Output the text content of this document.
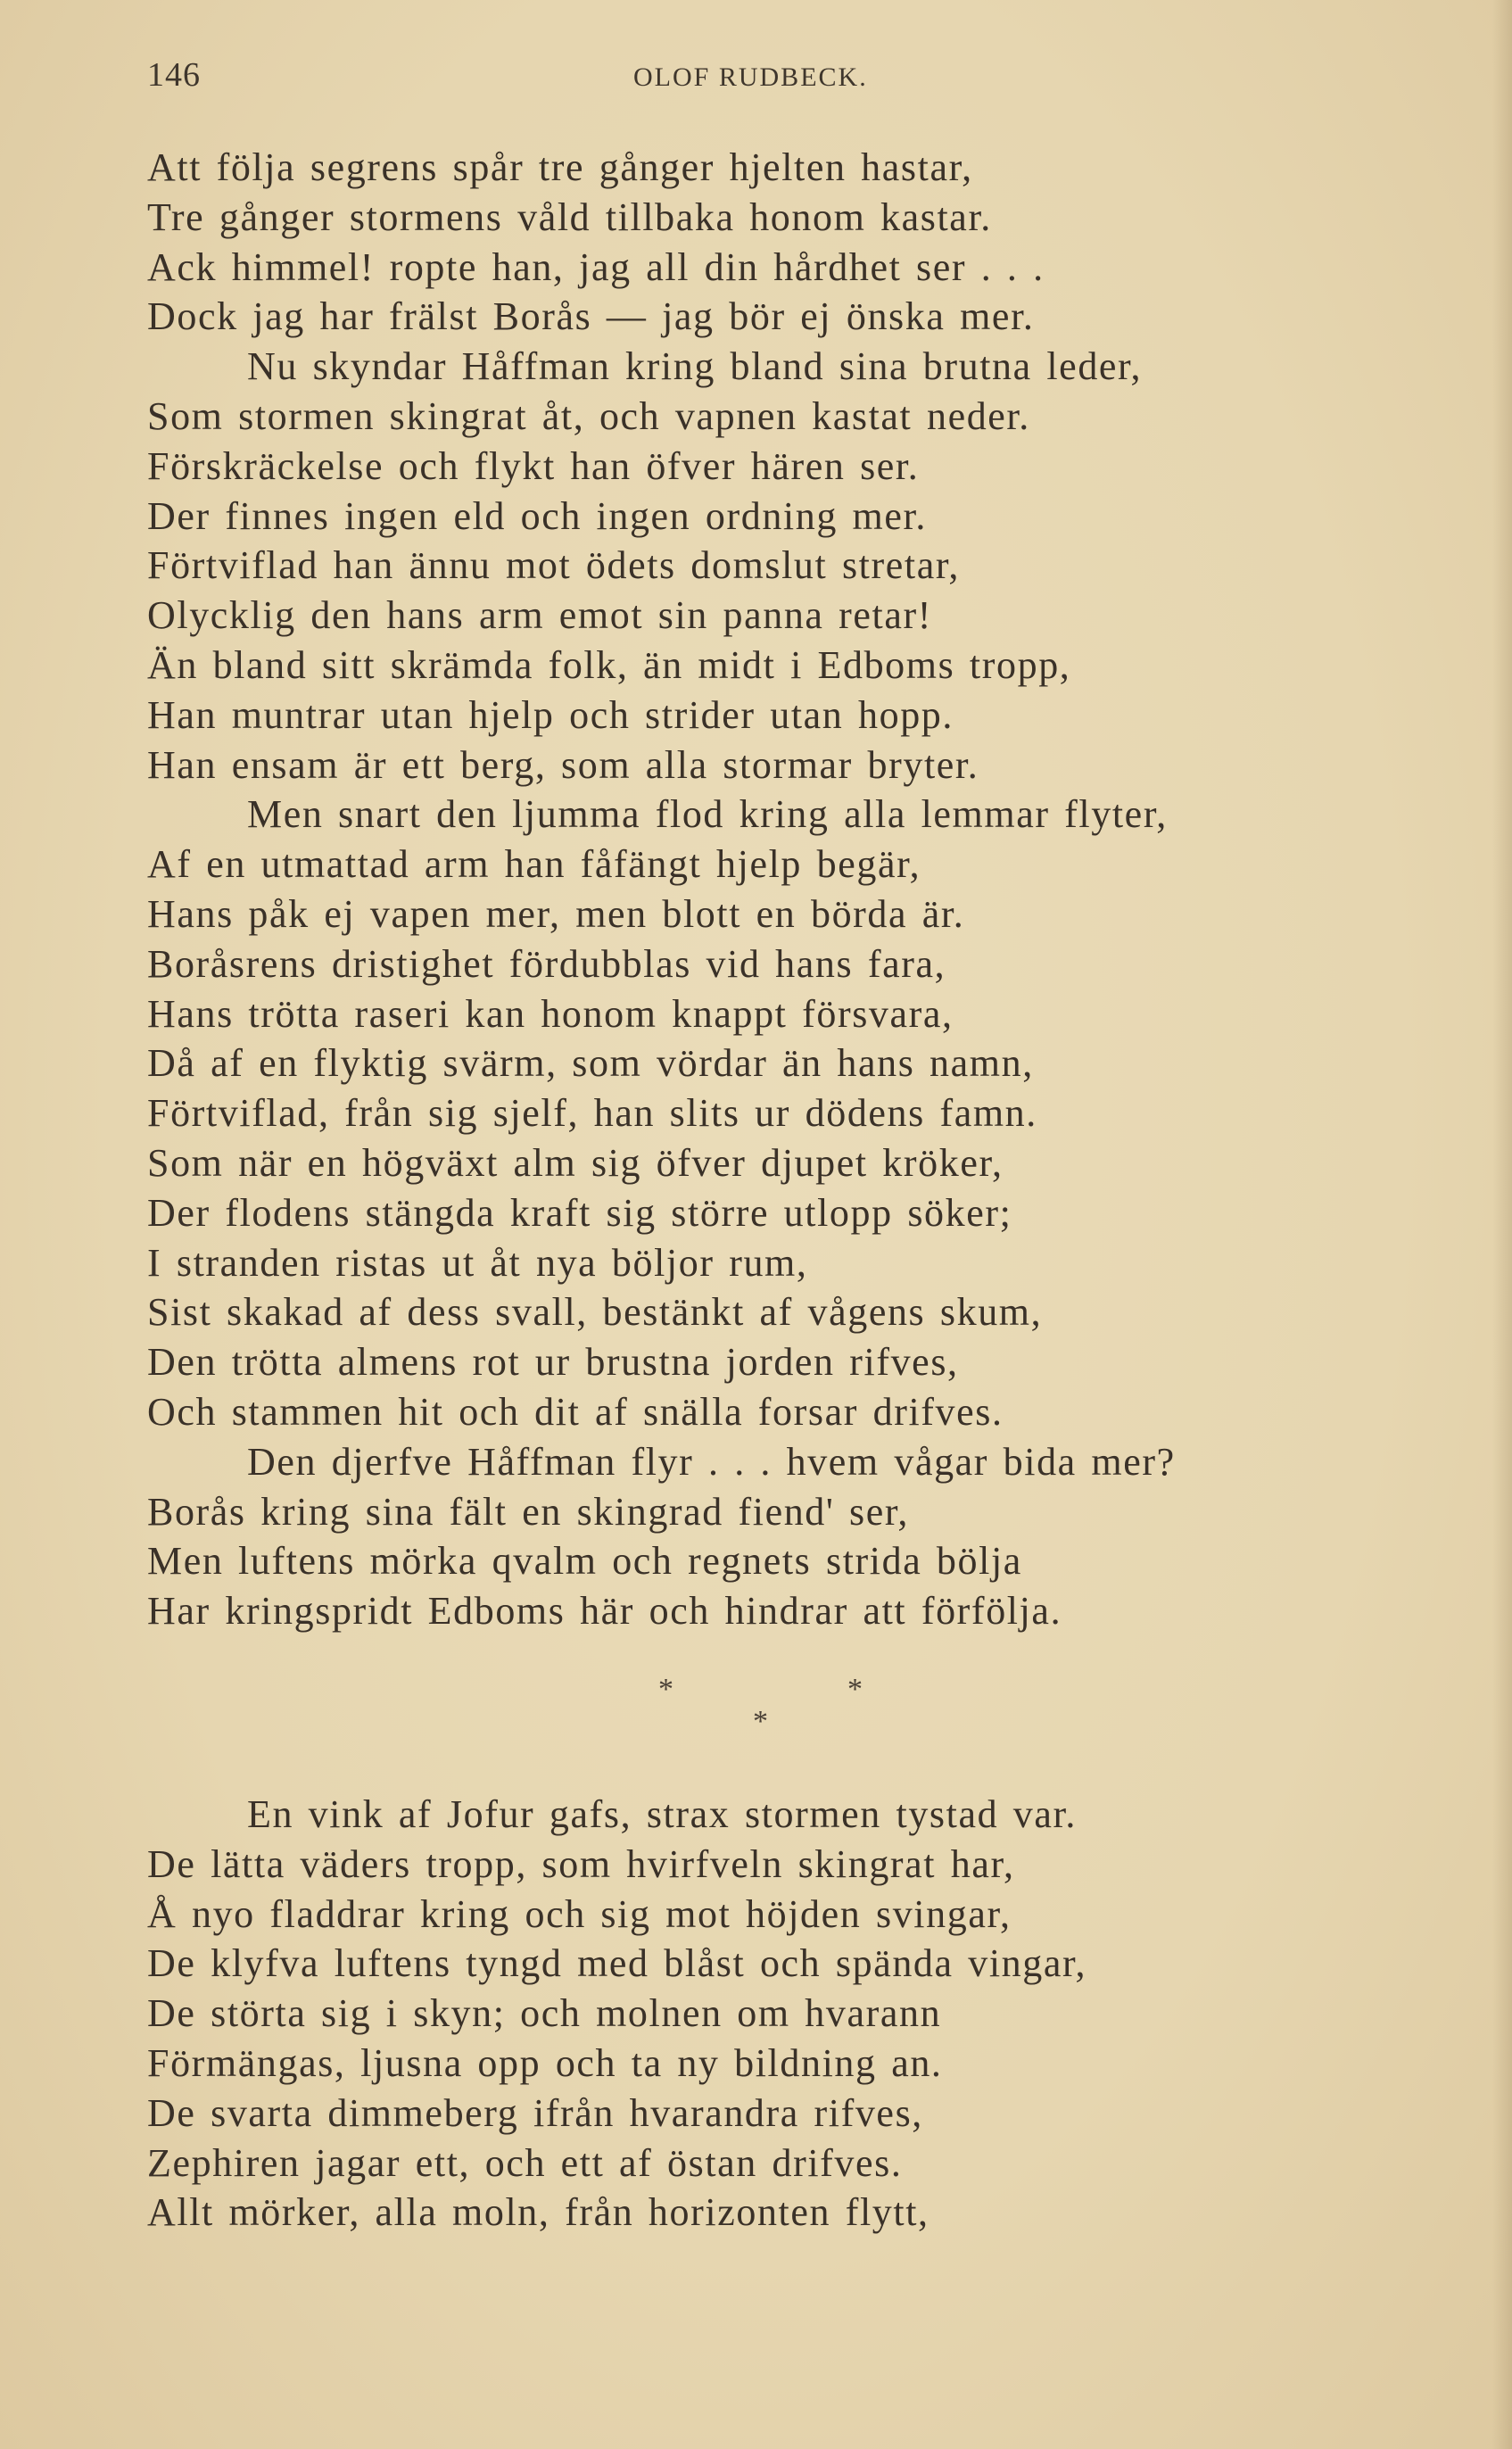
146	OLOF RUDBECK.
Att följa segrens spår tre gånger hjelten hastar,
Tre gånger stormens våld tillbaka honom kastar.
Ack himmel! ropte han, jag all din hårdhet ser . . .
Dock jag har frälst Borås — jag bör ej önska mer.
Nu skyndar Håffman kring bland sina brutna leder,
Som stormen skingrat åt, och vapnen kastat neder.
Förskräckelse och flykt han öfver hären ser.
Der finnes ingen eld och ingen ordning mer.
Förtviflad han ännu mot ödets domslut stretar,
Olycklig den hans arm emot sin panna retar!
Än bland sitt skrämda folk, än midt i Edboms tropp,
Han muntrar utan hjelp och strider utan hopp.
Han ensam är ett berg, som alla stormar bryter.
Men snart den ljumma flod kring alla lemmar flyter,
Af en utmattad arm han fåfängt hjelp begär,
Hans påk ej vapen mer, men blott en börda är.
Boråsrens dristighet fördubblas vid hans fara,
Hans trötta raseri kan honom knappt försvara,
Då af en flyktig svärm, som vördar än hans namn,
Förtviflad, från sig sjelf, han slits ur dödens famn.
Som när en högväxt alm sig öfver djupet kröker,
Der flodens stängda kraft sig större utlopp söker;
I stranden ristas ut åt nya böljor rum,
Sist skakad af dess svall, bestänkt af vågens skum,
Den trötta almens rot ur brustna jorden rifves,
Och stammen hit och dit af snälla forsar drifves.
Den djerfve Håffman flyr . . . hvem vågar bida mer?
Borås kring sina fält en skingrad fiend' ser,
Men luftens mörka qvalm och regnets strida bölja
Har kringspridt Edboms här och hindrar att förfölja.
*	*
*
En vink af Jofur gafs, strax stormen tystad var.
De lätta väders tropp, som hvirfveln skingrat har,
Å nyo fladdrar kring och sig mot höjden svingar,
De klyfva luftens tyngd med blåst och spända vingar,
De störta sig i skyn; och molnen om hvarann
Förmängas, ljusna opp och ta ny bildning an.
De svarta dimmeberg ifrån hvarandra rifves,
Zephiren jagar ett, och ett af östan drifves.
Allt mörker, alla moln, från horizonten flytt,
